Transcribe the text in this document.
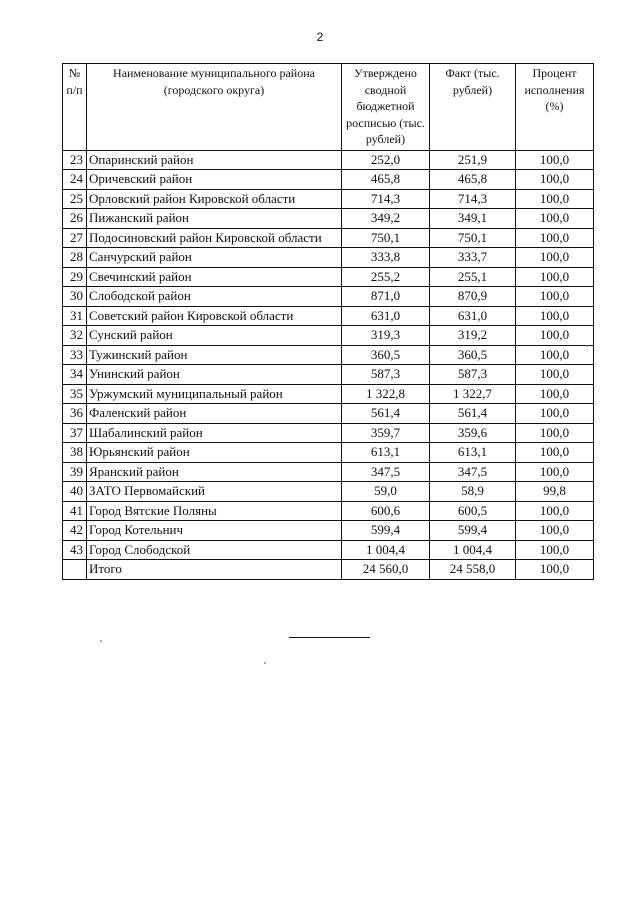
2
№ п/п	Наименование муниципального района (городского округа)	Утверждено сводной бюджетной росписью (тыс. рублей)	Факт (тыс. рублей)	Процент исполнения (%)
23	Опаринский район	252,0	251,9	100,0
24	Оричевский район	465,8	465,8	100,0
25	Орловский район Кировской области	714,3	714,3	100,0
26	Пижанский район	349,2	349,1	100,0
27	Подосиновский район Кировской области	750,1	750,1	100,0
28	Санчурский район	333,8	333,7	100,0
29	Свечинский район	255,2	255,1	100,0
30	Слободской район	871,0	870,9	100,0
31	Советский район Кировской области	631,0	631,0	100,0
32	Сунский район	319,3	319,2	100,0
33	Тужинский район	360,5	360,5	100,0
34	Унинский район	587,3	587,3	100,0
35	Уржумский муниципальный район	1 322,8	1 322,7	100,0
36	Фаленский район	561,4	561,4	100,0
37	Шабалинский район	359,7	359,6	100,0
38	Юрьянский район	613,1	613,1	100,0
39	Яранский район	347,5	347,5	100,0
40	ЗАТО Первомайский	59,0	58,9	99,8
41	Город Вятские Поляны	600,6	600,5	100,0
42	Город Котельнич	599,4	599,4	100,0
43	Город Слободской	1 004,4	1 004,4	100,0
	Итого	24 560,0	24 558,0	100,0
